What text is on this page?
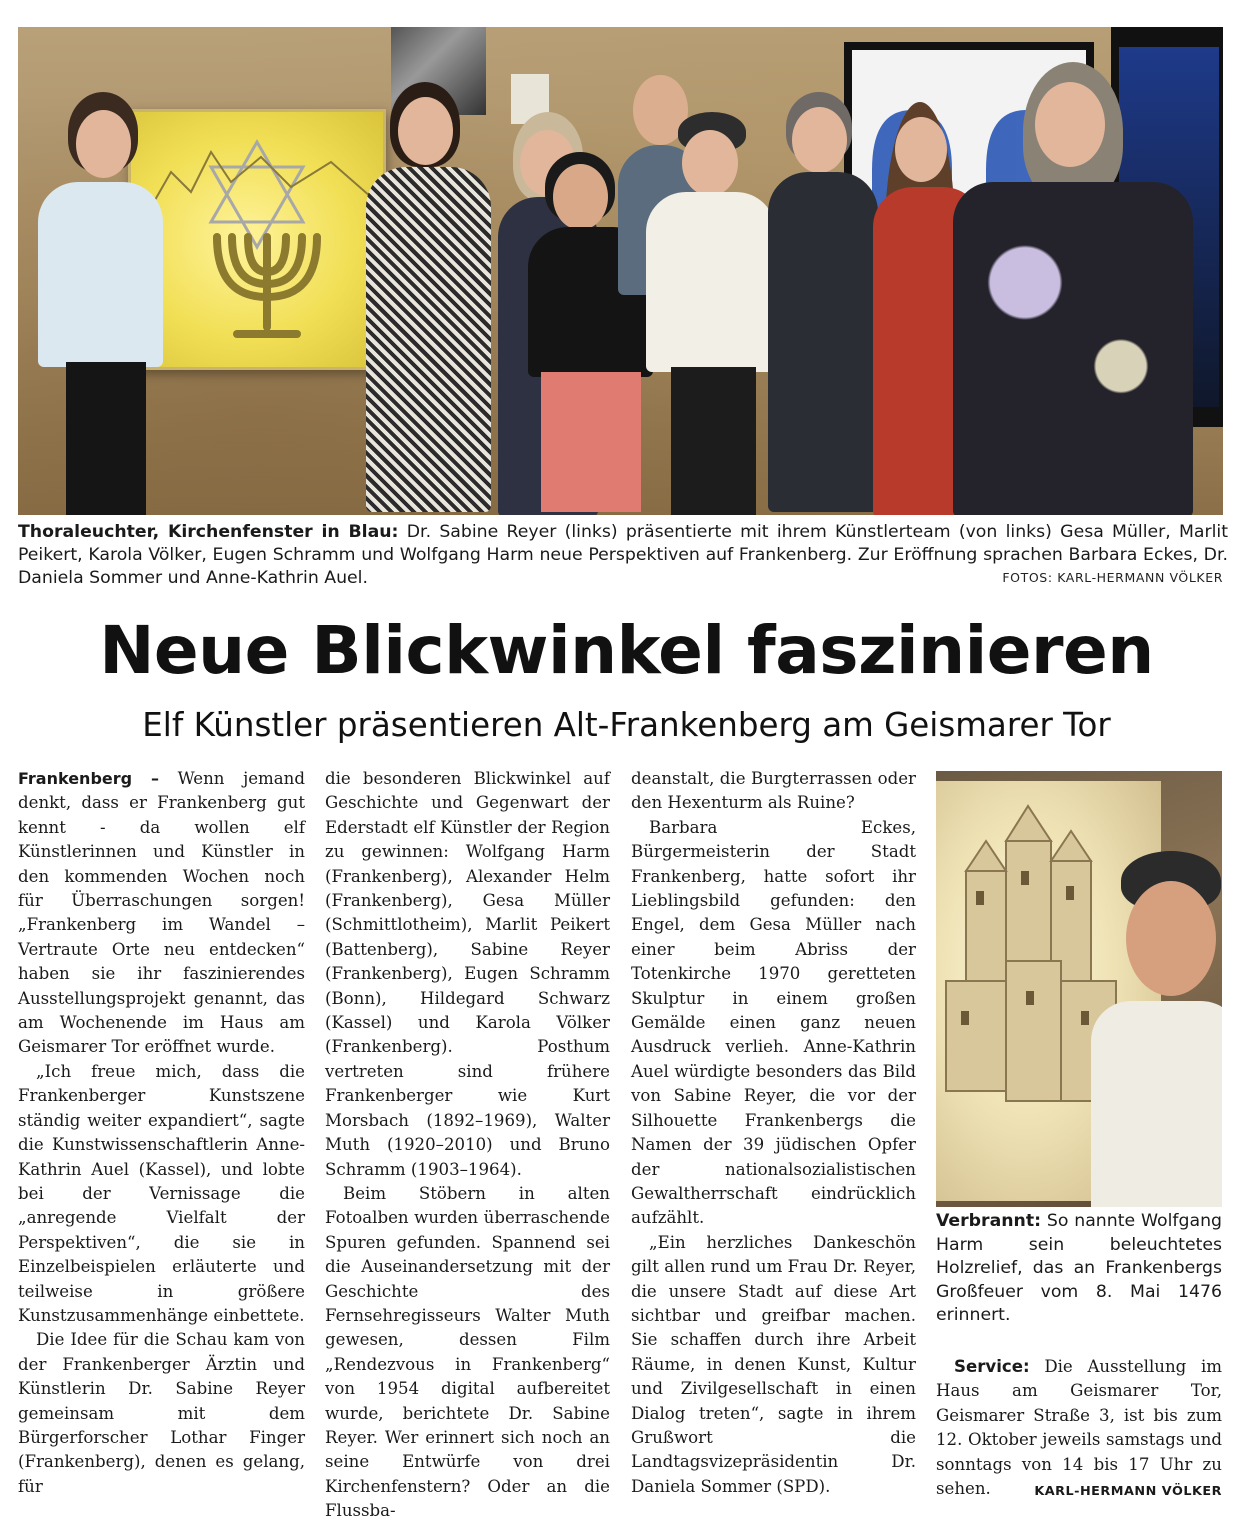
Thoraleuchter, Kirchenfenster in Blau: Dr. Sabine Reyer (links) präsentierte mit ihrem Künstlerteam (von links) Gesa Müller, Marlit Peikert, Karola Völker, Eugen Schramm und Wolfgang Harm neue Perspektiven auf Frankenberg. Zur Eröffnung sprachen Barbara Eckes, Dr. Daniela Sommer und Anne-Kathrin Auel.	FOTOS: KARL-HERMANN VÖLKER
Neue Blickwinkel faszinieren
Elf Künstler präsentieren Alt-Frankenberg am Geismarer Tor

Frankenberg – Wenn jemand denkt, dass er Frankenberg gut kennt - da wollen elf Künstlerinnen und Künstler in den kommenden Wochen noch für Überraschungen sorgen! „Frankenberg im Wandel – Vertraute Orte neu entdecken“ haben sie ihr faszinierendes Ausstellungsprojekt genannt, das am Wochenende im Haus am Geismarer Tor eröffnet wurde.

„Ich freue mich, dass die Frankenberger Kunstszene ständig weiter expandiert“, sagte die Kunstwissenschaftlerin Anne-Kathrin Auel (Kassel), und lobte bei der Vernissage die „anregende Vielfalt der Perspektiven“, die sie in Einzelbeispielen erläuterte und teilweise in größere Kunstzusammenhänge einbettete.

Die Idee für die Schau kam von der Frankenberger Ärztin und Künstlerin Dr. Sabine Reyer gemeinsam mit dem Bürgerforscher Lothar Finger (Frankenberg), denen es gelang, für

die besonderen Blickwinkel auf Geschichte und Gegenwart der Ederstadt elf Künstler der Region zu gewinnen: Wolfgang Harm (Frankenberg), Alexander Helm (Frankenberg), Gesa Müller (Schmittlotheim), Marlit Peikert (Battenberg), Sabine Reyer (Frankenberg), Eugen Schramm (Bonn), Hildegard Schwarz (Kassel) und Karola Völker (Frankenberg). Posthum vertreten sind frühere Frankenberger wie Kurt Morsbach (1892–1969), Walter Muth (1920–2010) und Bruno Schramm (1903–1964).

Beim Stöbern in alten Fotoalben wurden überraschende Spuren gefunden. Spannend sei die Auseinandersetzung mit der Geschichte des Fernsehregisseurs Walter Muth gewesen, dessen Film „Rendezvous in Frankenberg“ von 1954 digital aufbereitet wurde, berichtete Dr. Sabine Reyer. Wer erinnert sich noch an seine Entwürfe von drei Kirchenfenstern? Oder an die Flussba-

deanstalt, die Burgterrassen oder den Hexenturm als Ruine?

Barbara Eckes, Bürgermeisterin der Stadt Frankenberg, hatte sofort ihr Lieblingsbild gefunden: den Engel, dem Gesa Müller nach einer beim Abriss der Totenkirche 1970 geretteten Skulptur in einem großen Gemälde einen ganz neuen Ausdruck verlieh. Anne-Kathrin Auel würdigte besonders das Bild von Sabine Reyer, die vor der Silhouette Frankenbergs die Namen der 39 jüdischen Opfer der nationalsozialistischen Gewaltherrschaft eindrücklich aufzählt.

„Ein herzliches Dankeschön gilt allen rund um Frau Dr. Reyer, die unsere Stadt auf diese Art sichtbar und greifbar machen. Sie schaffen durch ihre Arbeit Räume, in denen Kunst, Kultur und Zivilgesellschaft in einen Dialog treten“, sagte in ihrem Grußwort die Landtagsvizepräsidentin Dr. Daniela Sommer (SPD).

Verbrannt: So nannte Wolfgang Harm sein beleuchtetes Holzrelief, das an Frankenbergs Großfeuer vom 8. Mai 1476 erinnert.
Service: Die Ausstellung im Haus am Geismarer Tor, Geismarer Straße 3, ist bis zum 12. Oktober jeweils samstags und sonntags von 14 bis 17 Uhr zu sehen.	KARL-HERMANN VÖLKER
